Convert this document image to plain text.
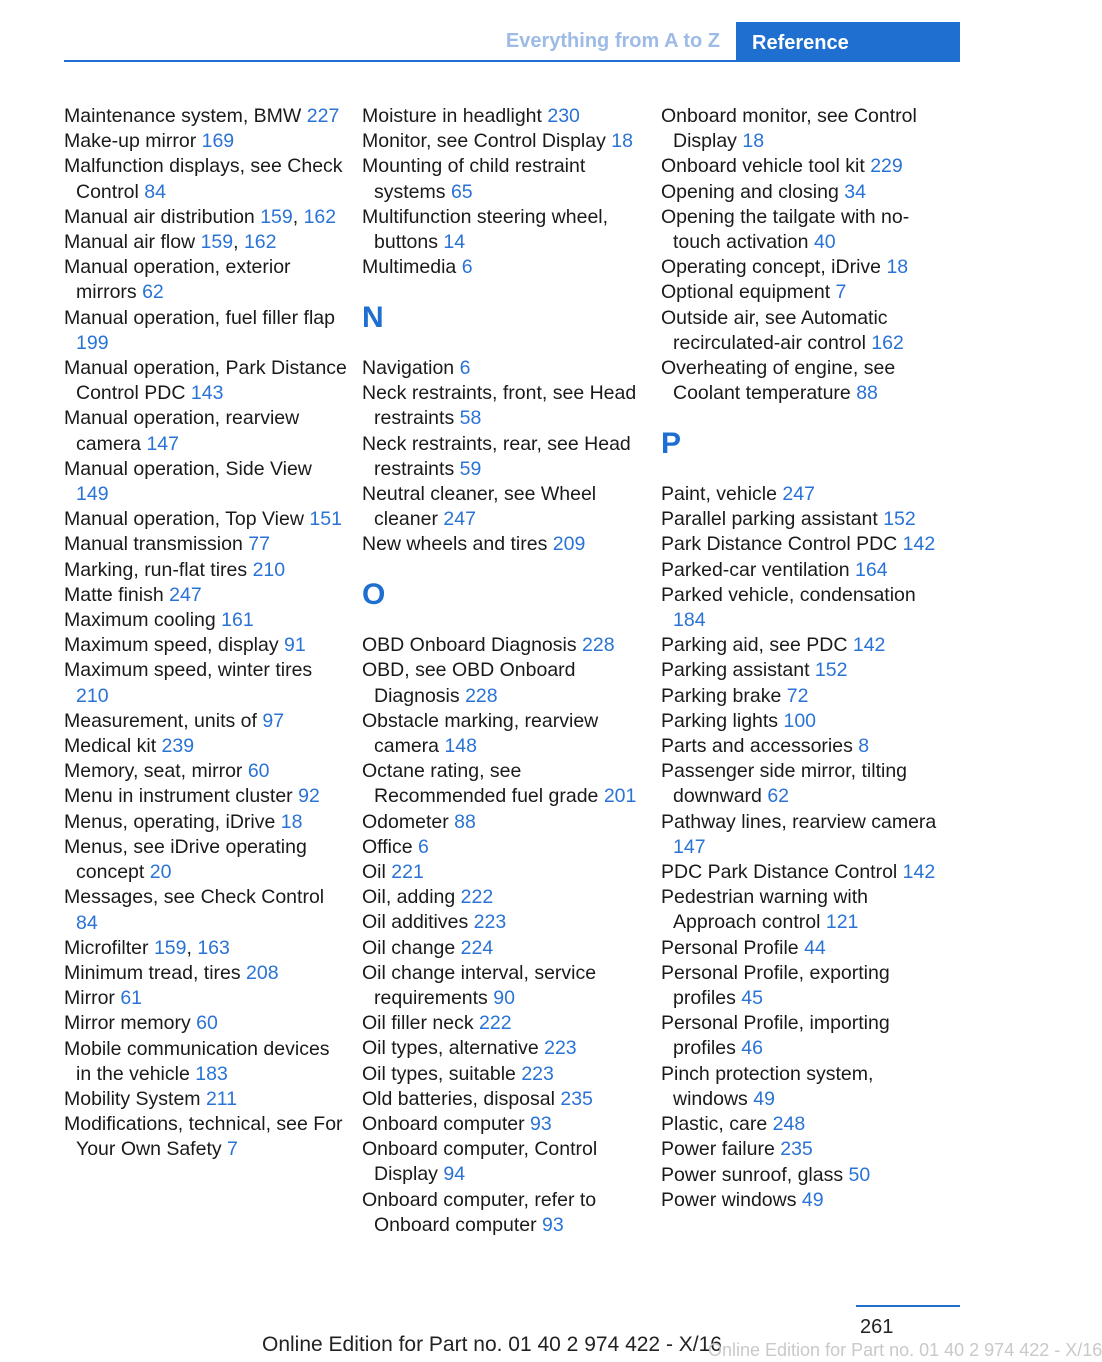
Everything from A to Z	Reference
Maintenance system, BMW 227
Make-up mirror 169
Malfunction displays, see Check Control 84
Manual air distribution 159, 162
Manual air flow 159, 162
Manual operation, exterior mirrors 62
Manual operation, fuel filler flap 199
Manual operation, Park Distance Control PDC 143
Manual operation, rearview camera 147
Manual operation, Side View 149
Manual operation, Top View 151
Manual transmission 77
Marking, run-flat tires 210
Matte finish 247
Maximum cooling 161
Maximum speed, display 91
Maximum speed, winter tires 210
Measurement, units of 97
Medical kit 239
Memory, seat, mirror 60
Menu in instrument cluster 92
Menus, operating, iDrive 18
Menus, see iDrive operating concept 20
Messages, see Check Control 84
Microfilter 159, 163
Minimum tread, tires 208
Mirror 61
Mirror memory 60
Mobile communication devices in the vehicle 183
Mobility System 211
Modifications, technical, see For Your Own Safety 7
Moisture in headlight 230
Monitor, see Control Display 18
Mounting of child restraint systems 65
Multifunction steering wheel, buttons 14
Multimedia 6
N
Navigation 6
Neck restraints, front, see Head restraints 58
Neck restraints, rear, see Head restraints 59
Neutral cleaner, see Wheel cleaner 247
New wheels and tires 209
O
OBD Onboard Diagnosis 228
OBD, see OBD Onboard Diagnosis 228
Obstacle marking, rearview camera 148
Octane rating, see Recommended fuel grade 201
Odometer 88
Office 6
Oil 221
Oil, adding 222
Oil additives 223
Oil change 224
Oil change interval, service requirements 90
Oil filler neck 222
Oil types, alternative 223
Oil types, suitable 223
Old batteries, disposal 235
Onboard computer 93
Onboard computer, Control Display 94
Onboard computer, refer to Onboard computer 93
Onboard monitor, see Control Display 18
Onboard vehicle tool kit 229
Opening and closing 34
Opening the tailgate with no-touch activation 40
Operating concept, iDrive 18
Optional equipment 7
Outside air, see Automatic recirculated-air control 162
Overheating of engine, see Coolant temperature 88
P
Paint, vehicle 247
Parallel parking assistant 152
Park Distance Control PDC 142
Parked-car ventilation 164
Parked vehicle, condensation 184
Parking aid, see PDC 142
Parking assistant 152
Parking brake 72
Parking lights 100
Parts and accessories 8
Passenger side mirror, tilting downward 62
Pathway lines, rearview camera 147
PDC Park Distance Control 142
Pedestrian warning with Approach control 121
Personal Profile 44
Personal Profile, exporting profiles 45
Personal Profile, importing profiles 46
Pinch protection system, windows 49
Plastic, care 248
Power failure 235
Power sunroof, glass 50
Power windows 49
261
Online Edition for Part no. 01 40 2 974 422 - X/16
Online Edition for Part no. 01 40 2 974 422 - X/16
